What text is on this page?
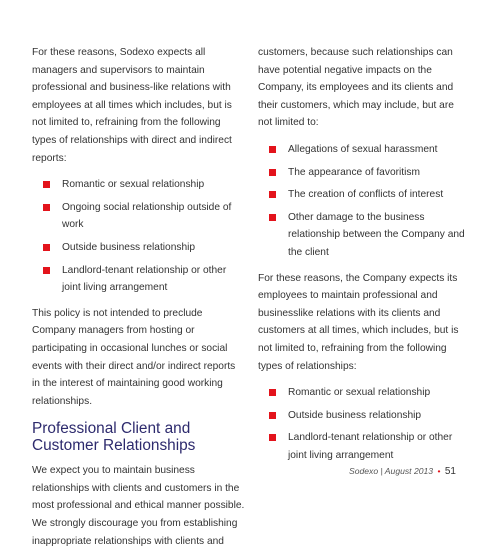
For these reasons, Sodexo expects all managers and supervisors to maintain professional and business-like relations with employees at all times which includes, but is not limited to, refraining from the following types of relationships with direct and indirect reports:

Romantic or sexual relationship
Ongoing social relationship outside of work
Outside business relationship
Landlord-tenant relationship or other joint living arrangement

This policy is not intended to preclude Company managers from hosting or participating in occasional lunches or social events with their direct and/or indirect reports in the interest of maintaining good working relationships.

Professional Client and Customer Relationships

We expect you to maintain business relationships with clients and customers in the most professional and ethical manner possible. We strongly discourage you from establishing inappropriate relationships with clients and

customers, because such relationships can have potential negative impacts on the Company, its employees and its clients and their customers, which may include, but are not limited to:

Allegations of sexual harassment
The appearance of favoritism
The creation of conflicts of interest
Other damage to the business relationship between the Company and the client

For these reasons, the Company expects its employees to maintain professional and businesslike relations with its clients and customers at all times, which includes, but is not limited to, refraining from the following types of relationships:

Romantic or sexual relationship
Outside business relationship
Landlord-tenant relationship or other joint living arrangement
Sodexo | August 2013 • 51
